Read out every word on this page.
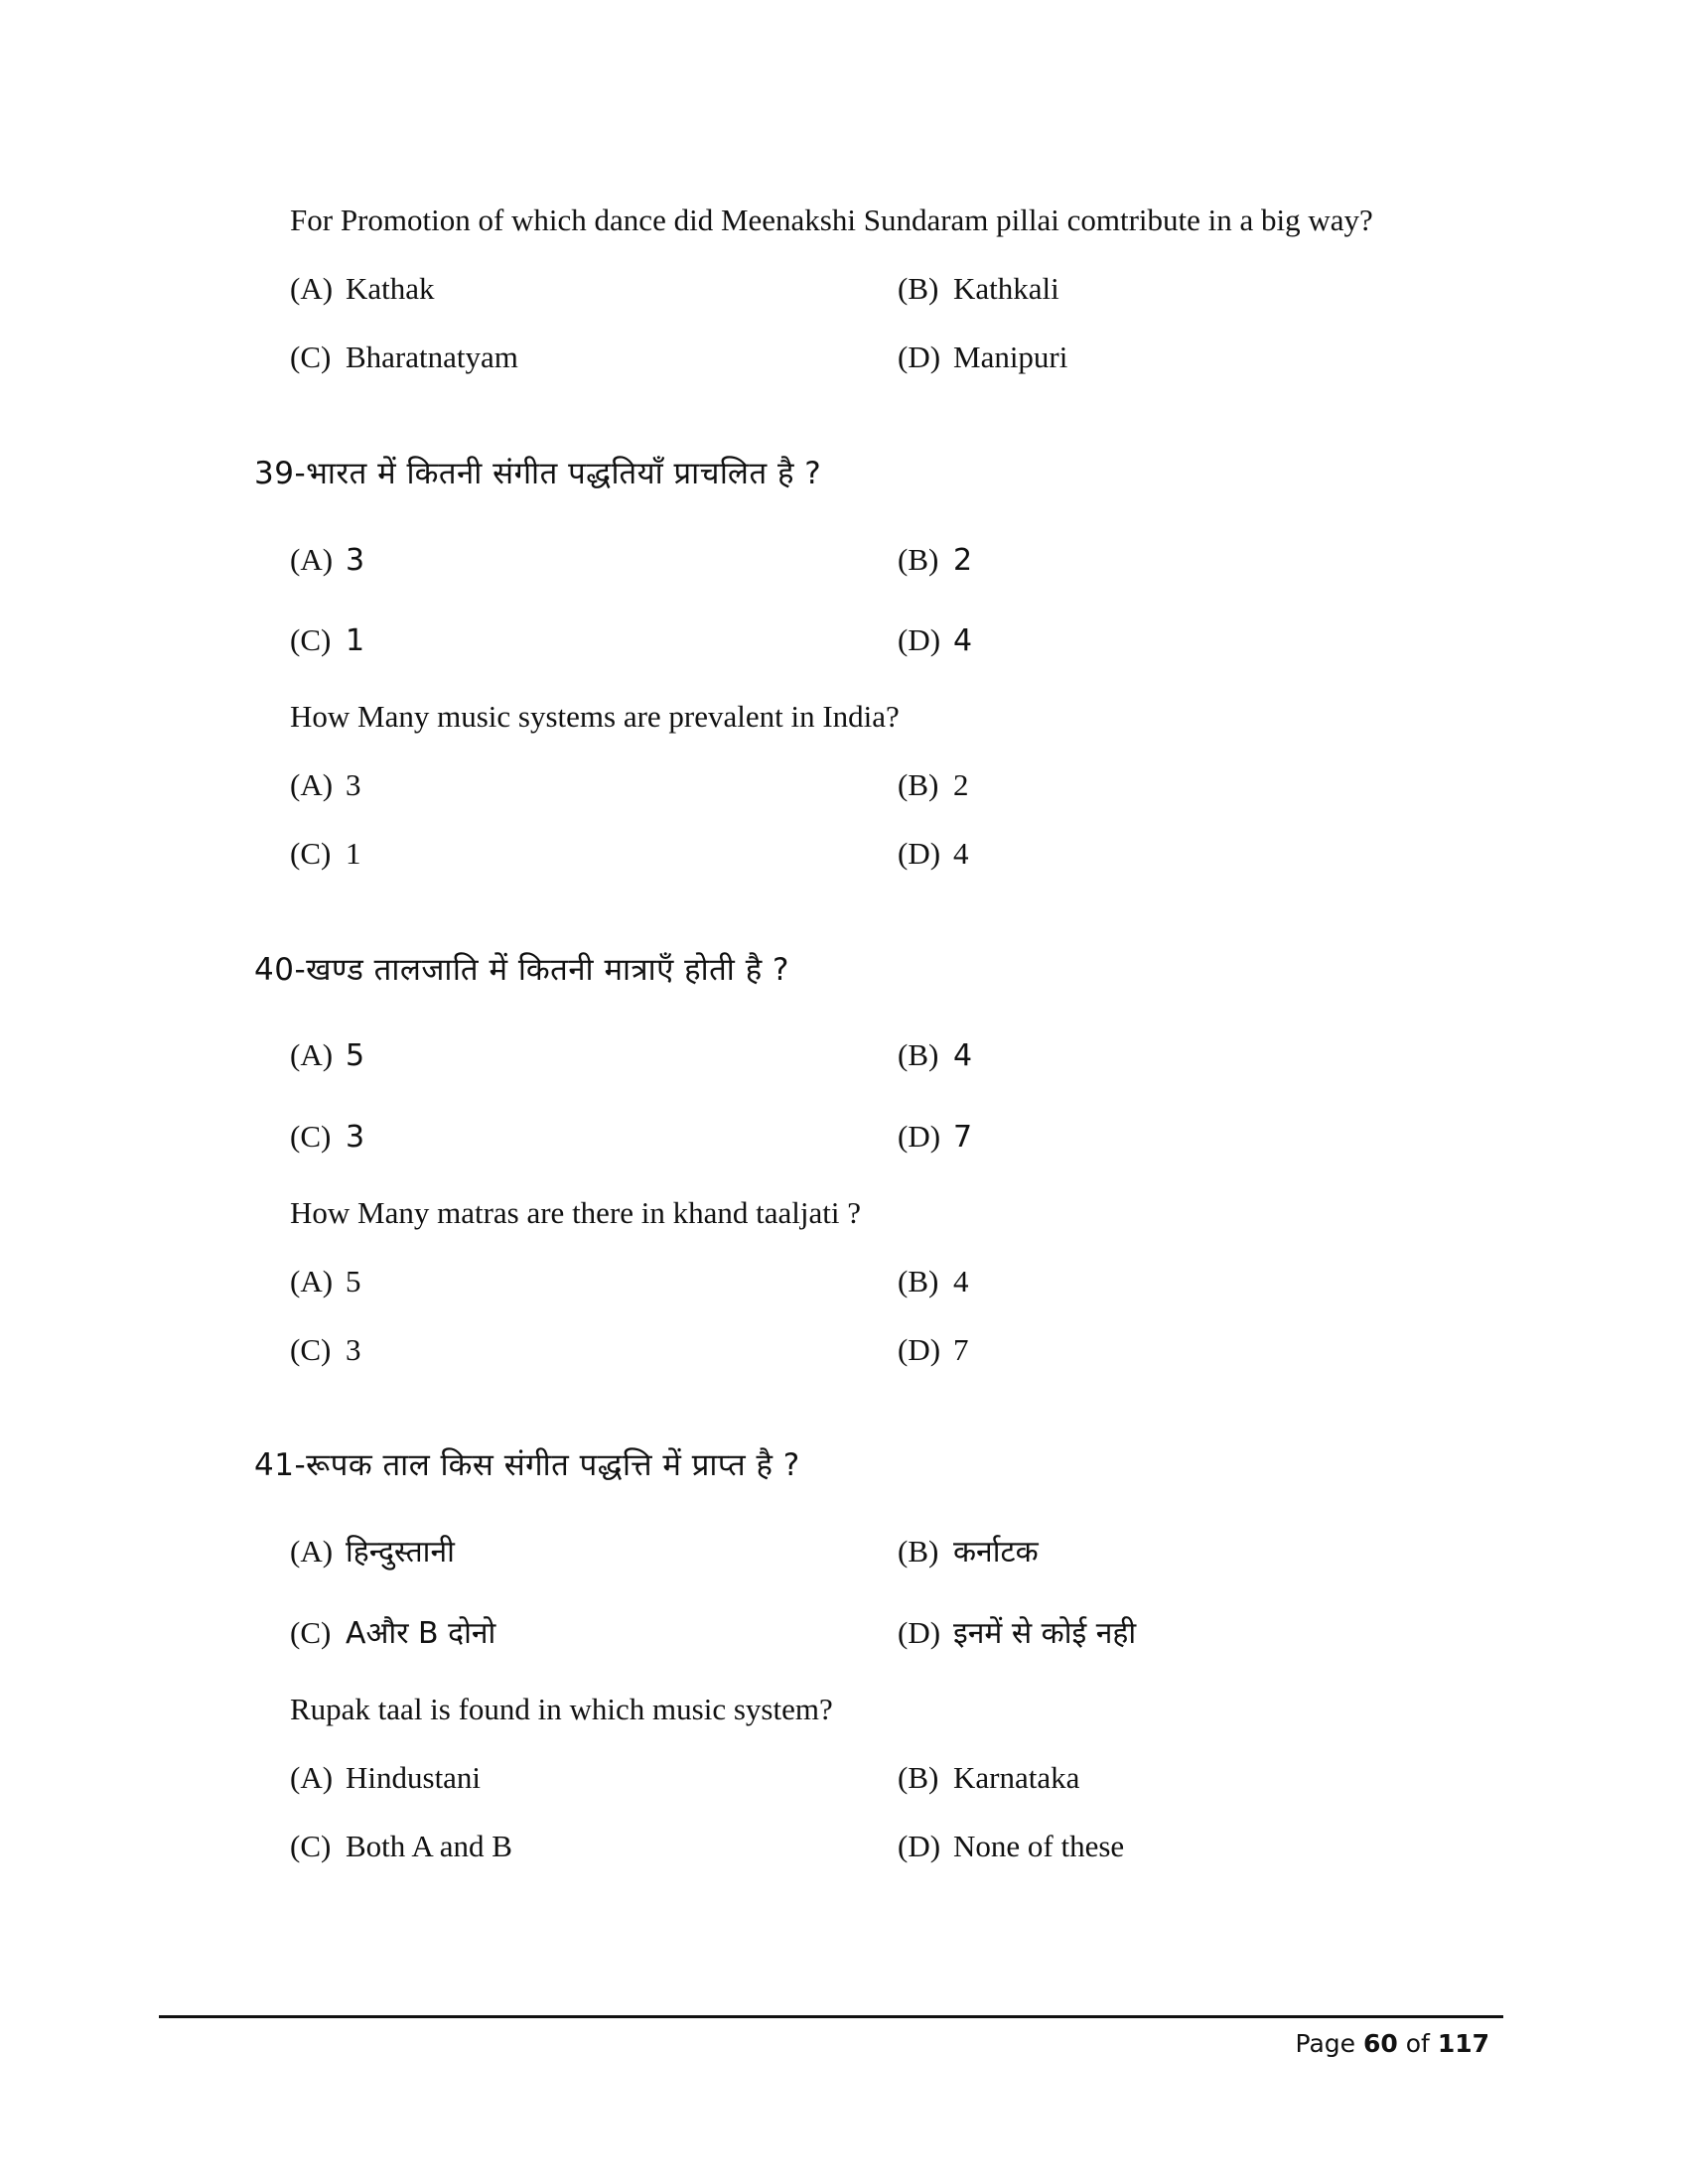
For Promotion of which dance did Meenakshi Sundaram pillai comtribute in a big way?
(A) Kathak	(B) Kathkali
(C) Bharatnatyam	(D) Manipuri
39-भारत में कितनी संगीत पद्धतियाँ प्राचलित है ?
(A) 3	(B) 2
(C) 1	(D) 4
How Many music systems are prevalent in India?
(A) 3	(B) 2
(C) 1	(D) 4
40-खण्ड तालजाति में कितनी मात्राएँ होती है ?
(A) 5	(B) 4
(C) 3	(D) 7
How Many matras are there in khand taaljati ?
(A) 5	(B) 4
(C) 3	(D) 7
41-रूपक ताल किस संगीत पद्धत्ति में प्राप्त है ?
(A) हिन्दुस्तानी	(B) कर्नाटक
(C) Aऔर B दोनो	(D) इनमें से कोई नही
Rupak taal is found in which music system?
(A) Hindustani	(B) Karnataka
(C) Both A and B	(D) None of these
Page 60 of 117
